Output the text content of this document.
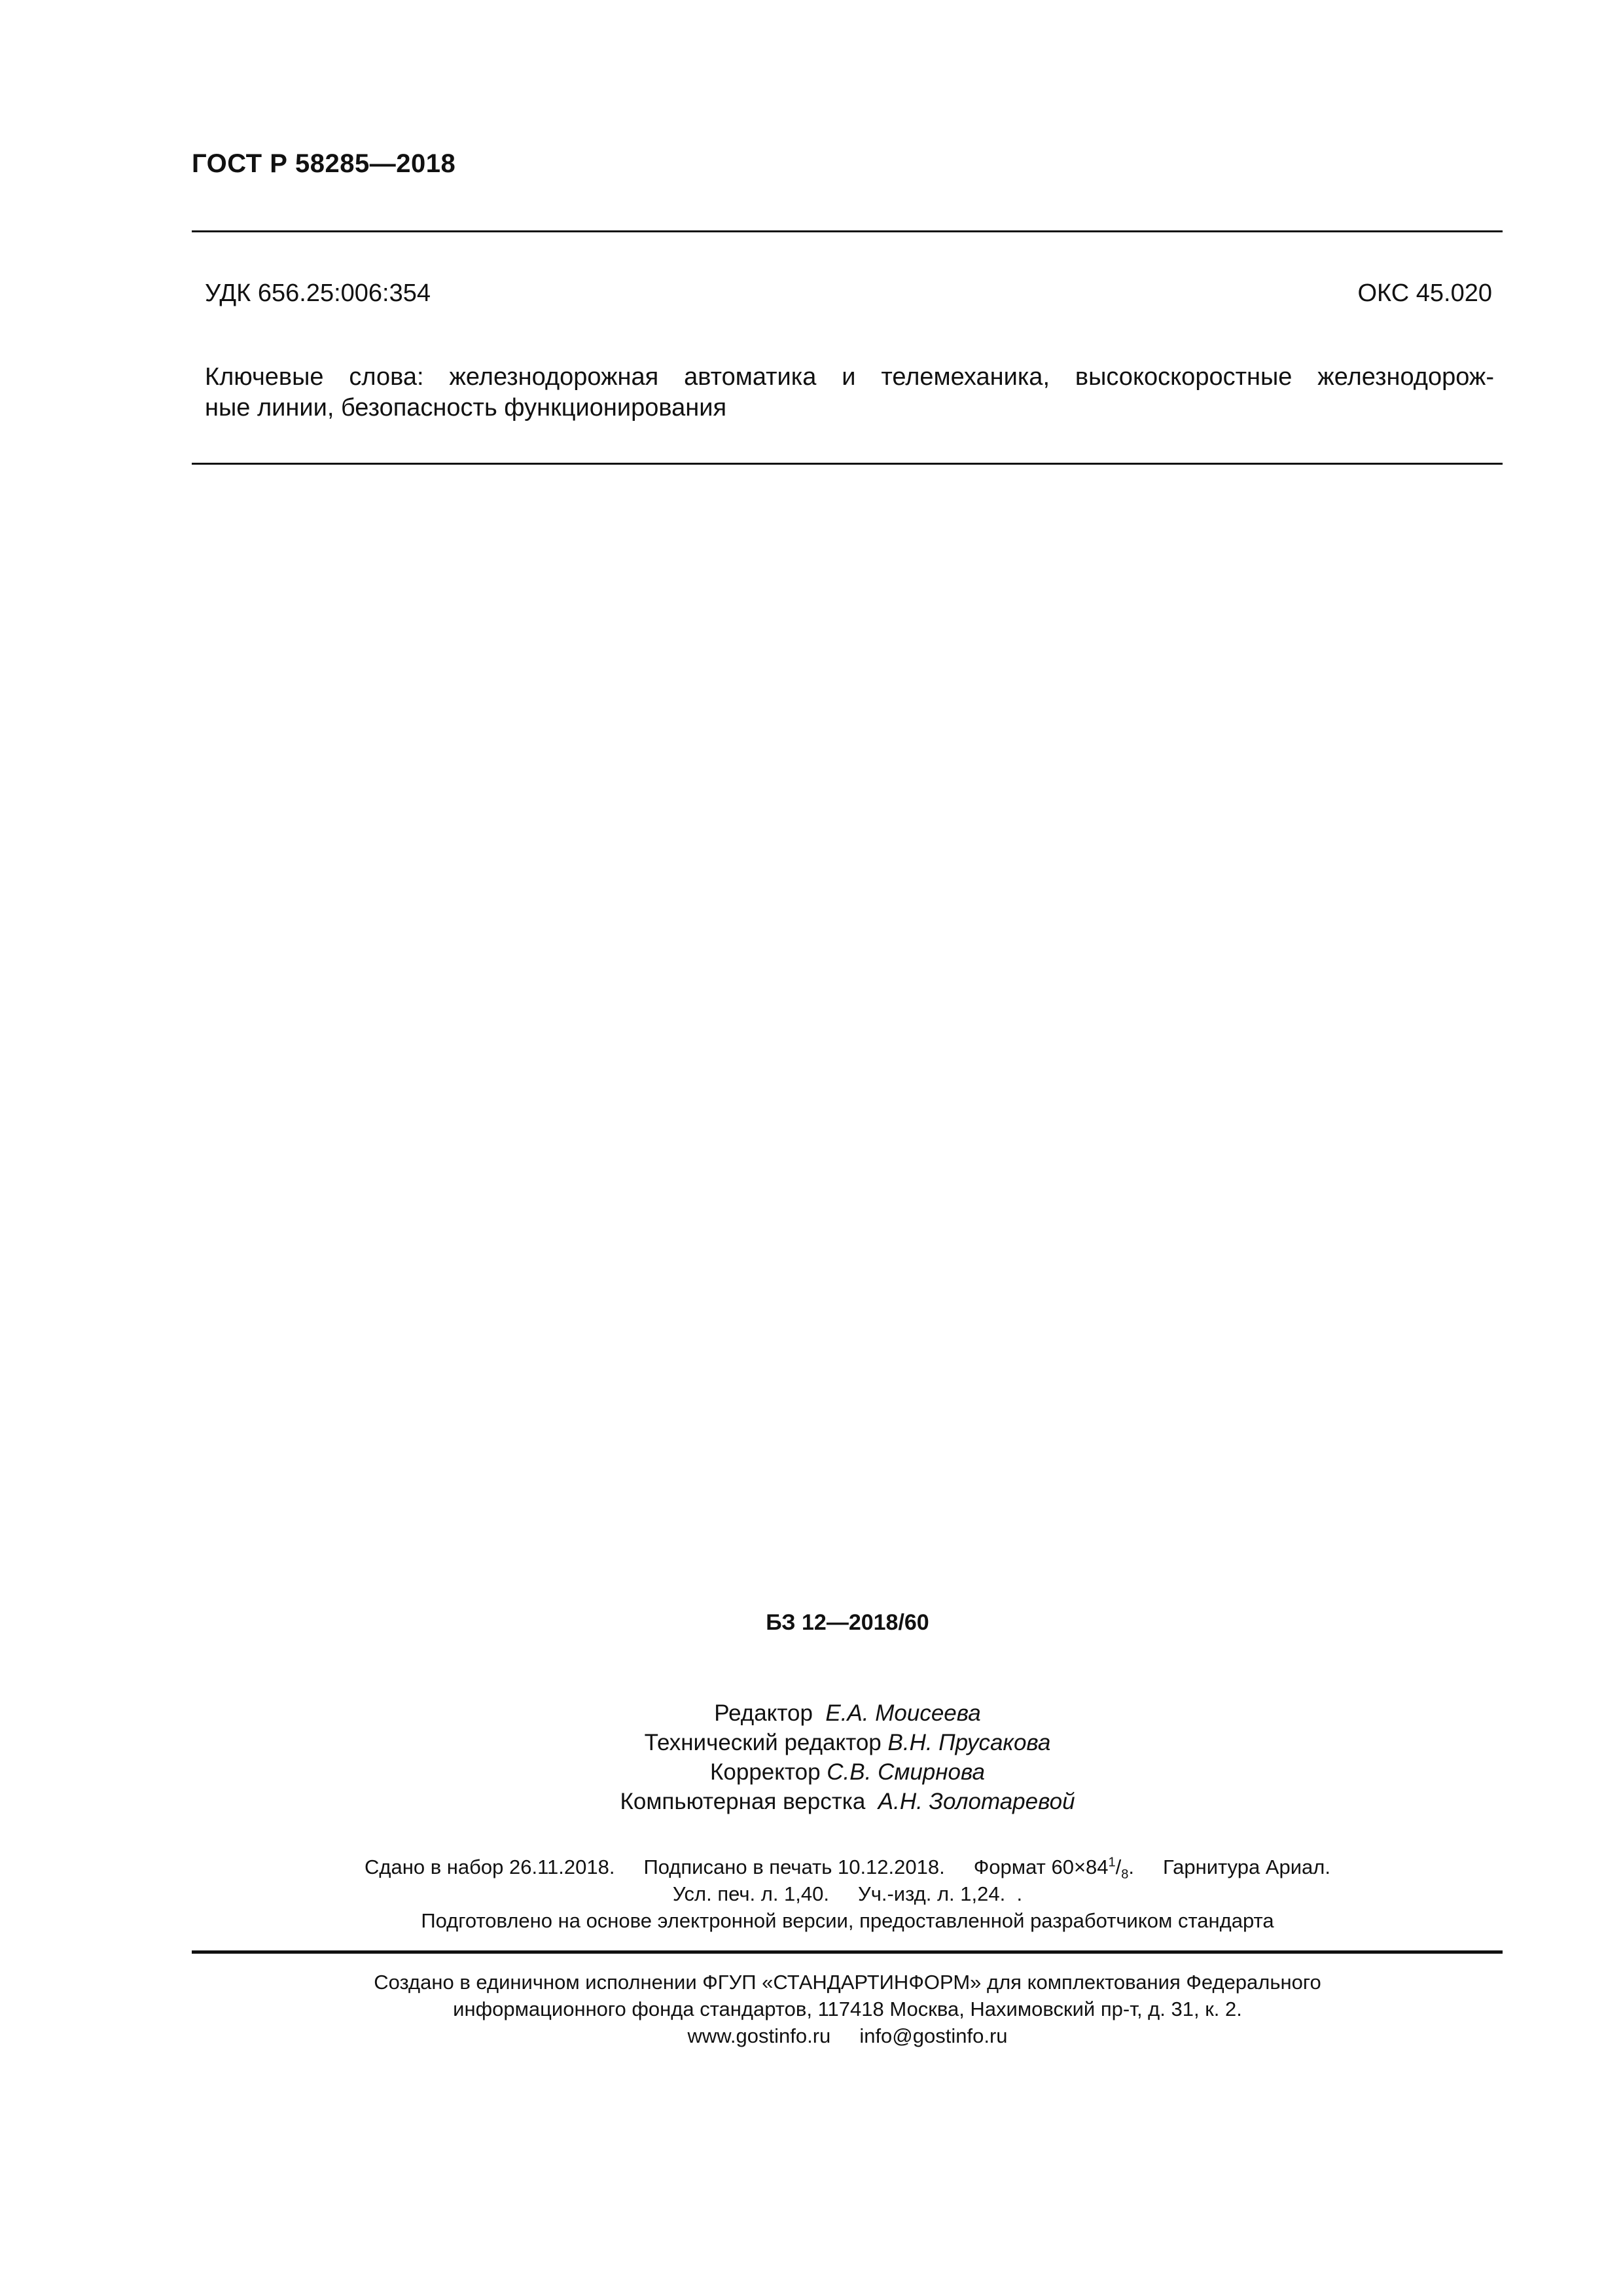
ГОСТ Р 58285—2018
УДК 656.25:006:354	ОКС 45.020
Ключевые слова: железнодорожная автоматика и телемеханика, высокоскоростные железнодорож-
ные линии, безопасность функционирования
БЗ 12—2018/60
Редактор Е.А. Моисеева
Технический редактор В.Н. Прусакова
Корректор С.В. Смирнова
Компьютерная верстка А.Н. Золотаревой
Сдано в набор 26.11.2018. Подписано в печать 10.12.2018. Формат $60\times 84^1/_8$. Гарнитура Ариал.
Усл. печ. л. 1,40. Уч.-изд. л. 1,24. .
Подготовлено на основе электронной версии, предоставленной разработчиком стандарта
Создано в единичном исполнении ФГУП «СТАНДАРТИНФОРМ» для комплектования Федерального
информационного фонда стандартов, 117418 Москва, Нахимовский пр-т, д. 31, к. 2.
www.gostinfo.ru info@gostinfo.ru
